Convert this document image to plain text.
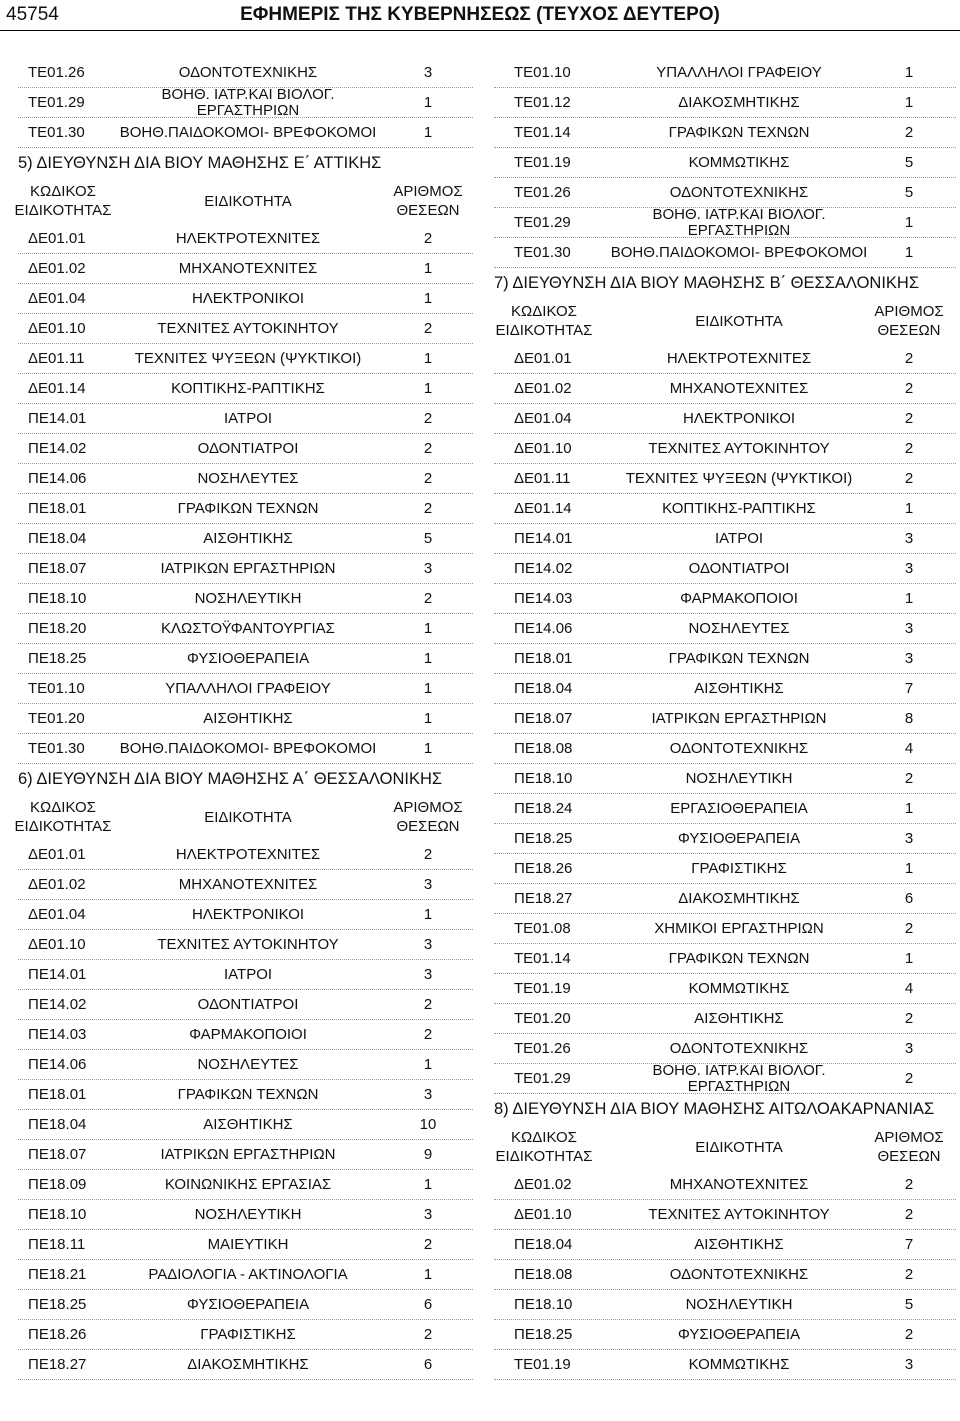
45754	ΕΦΗΜΕΡΙΣ ΤΗΣ ΚΥΒΕΡΝΗΣΕΩΣ (ΤΕΥΧΟΣ ΔΕΥΤΕΡΟ)
ΤΕ01.26	ΟΔΟΝΤΟΤΕΧΝΙΚΗΣ	3
ΤΕ01.29	ΒΟΗΘ. ΙΑΤΡ.ΚΑΙ ΒΙΟΛΟΓ. ΕΡΓΑΣΤΗΡΙΩΝ	1
ΤΕ01.30 ΒΟΗΘ.ΠΑΙΔΟΚΟΜΟΙ- ΒΡΕΦΟΚΟΜΟΙ	1
5) ΔΙΕΥΘΥΝΣΗ ΔΙΑ ΒΙΟΥ ΜΑΘΗΣΗΣ Ε΄ ΑΤΤΙΚΗΣ
ΚΩΔΙΚΟΣ ΕΙΔΙΚΟΤΗΤΑΣ
ΕΙΔΙΚΟΤΗΤΑ
ΑΡΙΘΜΟΣ ΘΕΣΕΩΝ
ΔΕ01.01	ΗΛΕΚΤΡΟΤΕΧΝΙΤΕΣ	2
ΔΕ01.02	ΜΗΧΑΝΟΤΕΧΝΙΤΕΣ	1
ΔΕ01.04	ΗΛΕΚΤΡΟΝΙΚΟΙ	1
ΔΕ01.10	ΤΕΧΝΙΤΕΣ ΑΥΤΟΚΙΝΗΤΟΥ	2
ΔΕ01.11	ΤΕΧΝΙΤΕΣ ΨΥΞΕΩΝ (ΨΥΚΤΙΚΟΙ)	1
ΔΕ01.14	ΚΟΠΤΙΚΗΣ-ΡΑΠΤΙΚΗΣ	1
ΠΕ14.01	ΙΑΤΡΟΙ	2
ΠΕ14.02	ΟΔΟΝΤΙΑΤΡΟΙ	2
ΠΕ14.06	ΝΟΣΗΛΕΥΤΕΣ	2
ΠΕ18.01	ΓΡΑΦΙΚΩΝ ΤΕΧΝΩΝ	2
ΠΕ18.04	ΑΙΣΘΗΤΙΚΗΣ	5
ΠΕ18.07	ΙΑΤΡΙΚΩΝ ΕΡΓΑΣΤΗΡΙΩΝ	3
ΠΕ18.10	ΝΟΣΗΛΕΥΤΙΚΗ	2
ΠΕ18.20	ΚΛΩΣΤΟΫΦΑΝΤΟΥΡΓΙΑΣ	1
ΠΕ18.25	ΦΥΣΙΟΘΕΡΑΠΕΙΑ	1
ΤΕ01.10	ΥΠΑΛΛΗΛΟΙ ΓΡΑΦΕΙΟΥ	1
ΤΕ01.20	ΑΙΣΘΗΤΙΚΗΣ	1
ΤΕ01.30 ΒΟΗΘ.ΠΑΙΔΟΚΟΜΟΙ- ΒΡΕΦΟΚΟΜΟΙ	1
6) ΔΙΕΥΘΥΝΣΗ ΔΙΑ ΒΙΟΥ ΜΑΘΗΣΗΣ Α΄ ΘΕΣΣΑΛΟΝΙΚΗΣ
ΚΩΔΙΚΟΣ ΕΙΔΙΚΟΤΗΤΑΣ
ΕΙΔΙΚΟΤΗΤΑ
ΑΡΙΘΜΟΣ ΘΕΣΕΩΝ
ΔΕ01.01	ΗΛΕΚΤΡΟΤΕΧΝΙΤΕΣ	2
ΔΕ01.02	ΜΗΧΑΝΟΤΕΧΝΙΤΕΣ	3
ΔΕ01.04	ΗΛΕΚΤΡΟΝΙΚΟΙ	1
ΔΕ01.10	ΤΕΧΝΙΤΕΣ ΑΥΤΟΚΙΝΗΤΟΥ	3
ΠΕ14.01	ΙΑΤΡΟΙ	3
ΠΕ14.02	ΟΔΟΝΤΙΑΤΡΟΙ	2
ΠΕ14.03	ΦΑΡΜΑΚΟΠΟΙΟΙ	2
ΠΕ14.06	ΝΟΣΗΛΕΥΤΕΣ	1
ΠΕ18.01	ΓΡΑΦΙΚΩΝ ΤΕΧΝΩΝ	3
ΠΕ18.04	ΑΙΣΘΗΤΙΚΗΣ	10
ΠΕ18.07	ΙΑΤΡΙΚΩΝ ΕΡΓΑΣΤΗΡΙΩΝ	9
ΠΕ18.09	ΚΟΙΝΩΝΙΚΗΣ ΕΡΓΑΣΙΑΣ	1
ΠΕ18.10	ΝΟΣΗΛΕΥΤΙΚΗ	3
ΠΕ18.11	ΜΑΙΕΥΤΙΚΗ	2
ΠΕ18.21	ΡΑΔΙΟΛΟΓΙΑ - ΑΚΤΙΝΟΛΟΓΙΑ	1
ΠΕ18.25	ΦΥΣΙΟΘΕΡΑΠΕΙΑ	6
ΠΕ18.26	ΓΡΑΦΙΣΤΙΚΗΣ	2
ΠΕ18.27	ΔΙΑΚΟΣΜΗΤΙΚΗΣ	6
ΤΕ01.10	ΥΠΑΛΛΗΛΟΙ ΓΡΑΦΕΙΟΥ	1
ΤΕ01.12	ΔΙΑΚΟΣΜΗΤΙΚΗΣ	1
ΤΕ01.14	ΓΡΑΦΙΚΩΝ ΤΕΧΝΩΝ	2
ΤΕ01.19	ΚΟΜΜΩΤΙΚΗΣ	5
ΤΕ01.26	ΟΔΟΝΤΟΤΕΧΝΙΚΗΣ	5
ΤΕ01.29	ΒΟΗΘ. ΙΑΤΡ.ΚΑΙ ΒΙΟΛΟΓ. ΕΡΓΑΣΤΗΡΙΩΝ	1
ΤΕ01.30	ΒΟΗΘ.ΠΑΙΔΟΚΟΜΟΙ- ΒΡΕΦΟΚΟΜΟΙ	1
7) ΔΙΕΥΘΥΝΣΗ ΔΙΑ ΒΙΟΥ ΜΑΘΗΣΗΣ Β΄ ΘΕΣΣΑΛΟΝΙΚΗΣ
ΚΩΔΙΚΟΣ ΕΙΔΙΚΟΤΗΤΑΣ
ΕΙΔΙΚΟΤΗΤΑ
ΑΡΙΘΜΟΣ ΘΕΣΕΩΝ
ΔΕ01.01	ΗΛΕΚΤΡΟΤΕΧΝΙΤΕΣ	2
ΔΕ01.02	ΜΗΧΑΝΟΤΕΧΝΙΤΕΣ	2
ΔΕ01.04	ΗΛΕΚΤΡΟΝΙΚΟΙ	2
ΔΕ01.10	ΤΕΧΝΙΤΕΣ ΑΥΤΟΚΙΝΗΤΟΥ	2
ΔΕ01.11	ΤΕΧΝΙΤΕΣ ΨΥΞΕΩΝ (ΨΥΚΤΙΚΟΙ)	2
ΔΕ01.14	ΚΟΠΤΙΚΗΣ-ΡΑΠΤΙΚΗΣ	1
ΠΕ14.01	ΙΑΤΡΟΙ	3
ΠΕ14.02	ΟΔΟΝΤΙΑΤΡΟΙ	3
ΠΕ14.03	ΦΑΡΜΑΚΟΠΟΙΟΙ	1
ΠΕ14.06	ΝΟΣΗΛΕΥΤΕΣ	3
ΠΕ18.01	ΓΡΑΦΙΚΩΝ ΤΕΧΝΩΝ	3
ΠΕ18.04	ΑΙΣΘΗΤΙΚΗΣ	7
ΠΕ18.07	ΙΑΤΡΙΚΩΝ ΕΡΓΑΣΤΗΡΙΩΝ	8
ΠΕ18.08	ΟΔΟΝΤΟΤΕΧΝΙΚΗΣ	4
ΠΕ18.10	ΝΟΣΗΛΕΥΤΙΚΗ	2
ΠΕ18.24	ΕΡΓΑΣΙΟΘΕΡΑΠΕΙΑ	1
ΠΕ18.25	ΦΥΣΙΟΘΕΡΑΠΕΙΑ	3
ΠΕ18.26	ΓΡΑΦΙΣΤΙΚΗΣ	1
ΠΕ18.27	ΔΙΑΚΟΣΜΗΤΙΚΗΣ	6
ΤΕ01.08	ΧΗΜΙΚΟΙ ΕΡΓΑΣΤΗΡΙΩΝ	2
ΤΕ01.14	ΓΡΑΦΙΚΩΝ ΤΕΧΝΩΝ	1
ΤΕ01.19	ΚΟΜΜΩΤΙΚΗΣ	4
ΤΕ01.20	ΑΙΣΘΗΤΙΚΗΣ	2
ΤΕ01.26	ΟΔΟΝΤΟΤΕΧΝΙΚΗΣ	3
ΤΕ01.29	ΒΟΗΘ. ΙΑΤΡ.ΚΑΙ ΒΙΟΛΟΓ. ΕΡΓΑΣΤΗΡΙΩΝ	2
8) ΔΙΕΥΘΥΝΣΗ ΔΙΑ ΒΙΟΥ ΜΑΘΗΣΗΣ ΑΙΤΩΛΟΑΚΑΡΝΑΝΙΑΣ
ΚΩΔΙΚΟΣ ΕΙΔΙΚΟΤΗΤΑΣ
ΕΙΔΙΚΟΤΗΤΑ
ΑΡΙΘΜΟΣ ΘΕΣΕΩΝ
ΔΕ01.02	ΜΗΧΑΝΟΤΕΧΝΙΤΕΣ	2
ΔΕ01.10	ΤΕΧΝΙΤΕΣ ΑΥΤΟΚΙΝΗΤΟΥ	2
ΠΕ18.04	ΑΙΣΘΗΤΙΚΗΣ	7
ΠΕ18.08	ΟΔΟΝΤΟΤΕΧΝΙΚΗΣ	2
ΠΕ18.10	ΝΟΣΗΛΕΥΤΙΚΗ	5
ΠΕ18.25	ΦΥΣΙΟΘΕΡΑΠΕΙΑ	2
ΤΕ01.19	ΚΟΜΜΩΤΙΚΗΣ	3
